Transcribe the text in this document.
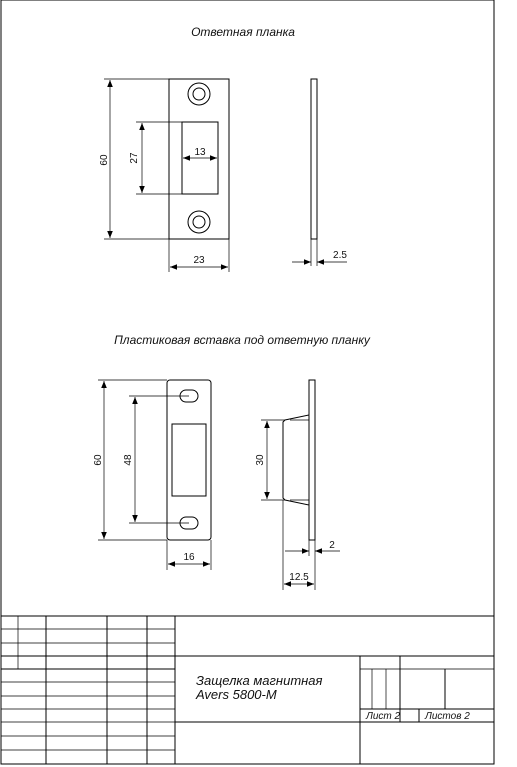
Ответная планка
60 27	13
23	2.5
Пластиковая вставка под ответную планку
60 48
16
30
2
12.5
Защелка магнитная
Avers 5800-M
Лист 2 Листов 2
